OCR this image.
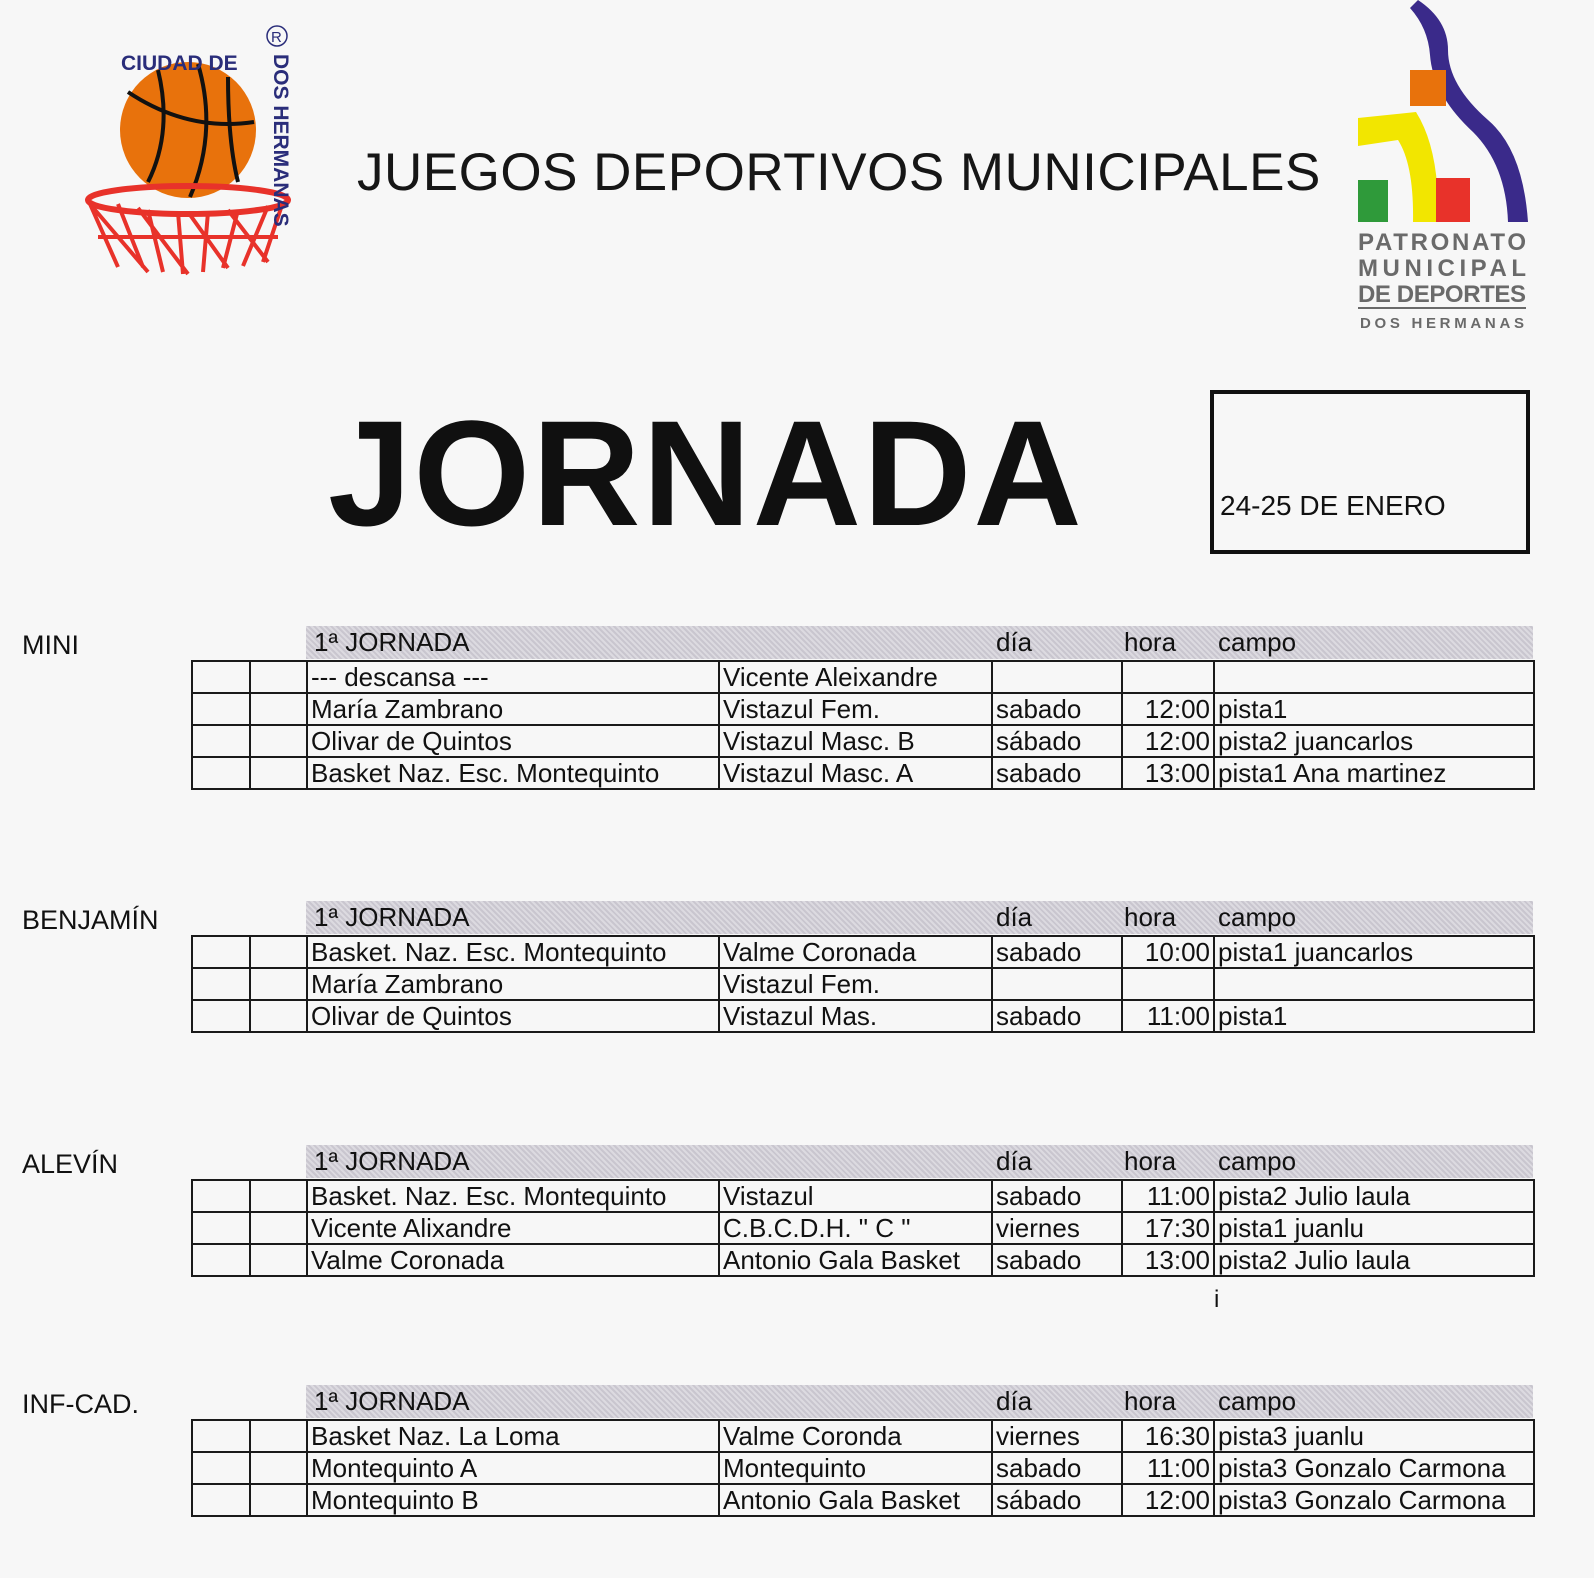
CIUDAD DE DOS HERMANAS
R
JUEGOS DEPORTIVOS MUNICIPALES
PATRONATO
MUNICIPAL
DE DEPORTES
DOS HERMANAS
JORNADA	24-25 DE ENERO
MINI	1ª JORNADA	día	hora campo
		--- descansa ---	Vicente Aleixandre			
		María Zambrano	Vistazul Fem.	sabado	12:00	pista1
		Olivar de Quintos	Vistazul Masc. B	sábado	12:00	pista2 juancarlos
		Basket Naz. Esc. Montequinto	Vistazul Masc. A	sabado	13:00	pista1 Ana martinez
BENJAMÍN	1ª JORNADA	día	hora campo
		Basket. Naz. Esc. Montequinto	Valme Coronada	sabado	10:00	pista1 juancarlos
		María Zambrano	Vistazul Fem.			
		Olivar de Quintos	Vistazul Mas.	sabado	11:00	pista1
ALEVÍN	1ª JORNADA	día	hora campo
		Basket. Naz. Esc. Montequinto	Vistazul	sabado	11:00	pista2 Julio laula
		Vicente Alixandre	C.B.C.D.H. " C "	viernes	17:30	pista1 juanlu
		Valme Coronada	Antonio Gala Basket	sabado	13:00	pista2 Julio laula
i
INF-CAD.	1ª JORNADA	día	hora campo
		Basket Naz. La Loma	Valme Coronda	viernes	16:30	pista3 juanlu
		Montequinto A	Montequinto	sabado	11:00	pista3 Gonzalo Carmona
		Montequinto B	Antonio Gala Basket	sábado	12:00	pista3 Gonzalo Carmona
